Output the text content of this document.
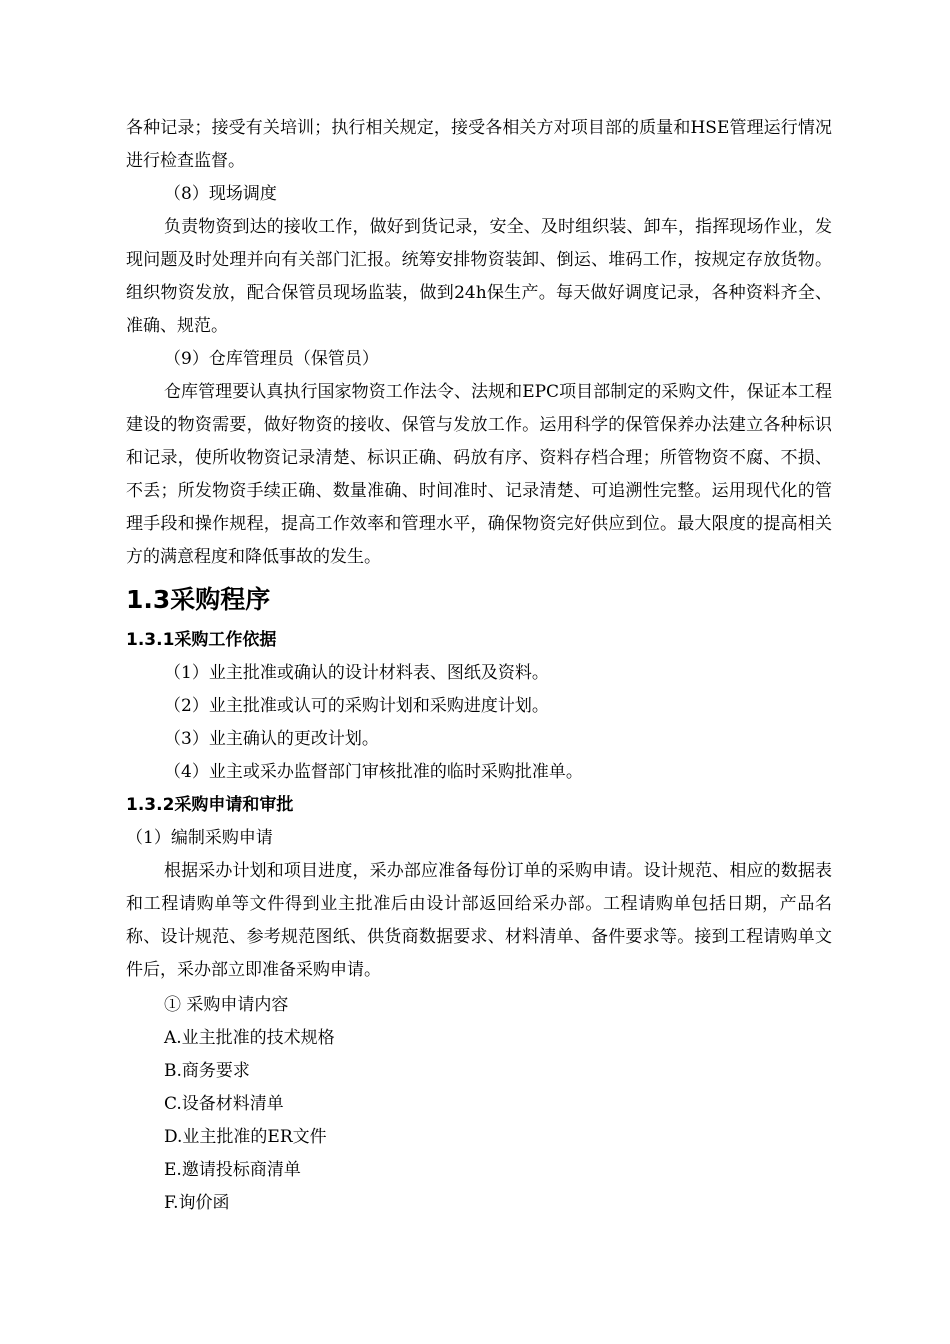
各种记录；接受有关培训；执行相关规定，接受各相关方对项目部的质量和HSE管理运行情况进行检查监督。

（8）现场调度

负责物资到达的接收工作，做好到货记录，安全、及时组织装、卸车，指挥现场作业，发现问题及时处理并向有关部门汇报。统筹安排物资装卸、倒运、堆码工作，按规定存放货物。组织物资发放，配合保管员现场监装，做到24h保生产。每天做好调度记录，各种资料齐全、准确、规范。

（9）仓库管理员（保管员）

仓库管理要认真执行国家物资工作法令、法规和EPC项目部制定的采购文件，保证本工程建设的物资需要，做好物资的接收、保管与发放工作。运用科学的保管保养办法建立各种标识和记录，使所收物资记录清楚、标识正确、码放有序、资料存档合理；所管物资不腐、不损、不丢；所发物资手续正确、数量准确、时间准时、记录清楚、可追溯性完整。运用现代化的管理手段和操作规程，提高工作效率和管理水平，确保物资完好供应到位。最大限度的提高相关方的满意程度和降低事故的发生。

1.3采购程序
1.3.1采购工作依据

（1）业主批准或确认的设计材料表、图纸及资料。

（2）业主批准或认可的采购计划和采购进度计划。

（3）业主确认的更改计划。

（4）业主或采办监督部门审核批准的临时采购批准单。

1.3.2采购申请和审批

（1）编制采购申请

根据采办计划和项目进度，采办部应准备每份订单的采购申请。设计规范、相应的数据表和工程请购单等文件得到业主批准后由设计部返回给采办部。工程请购单包括日期，产品名称、设计规范、参考规范图纸、供货商数据要求、材料清单、备件要求等。接到工程请购单文件后，采办部立即准备采购申请。

① 采购申请内容

A.业主批准的技术规格

B.商务要求

C.设备材料清单

D.业主批准的ER文件

E.邀请投标商清单

F.询价函
